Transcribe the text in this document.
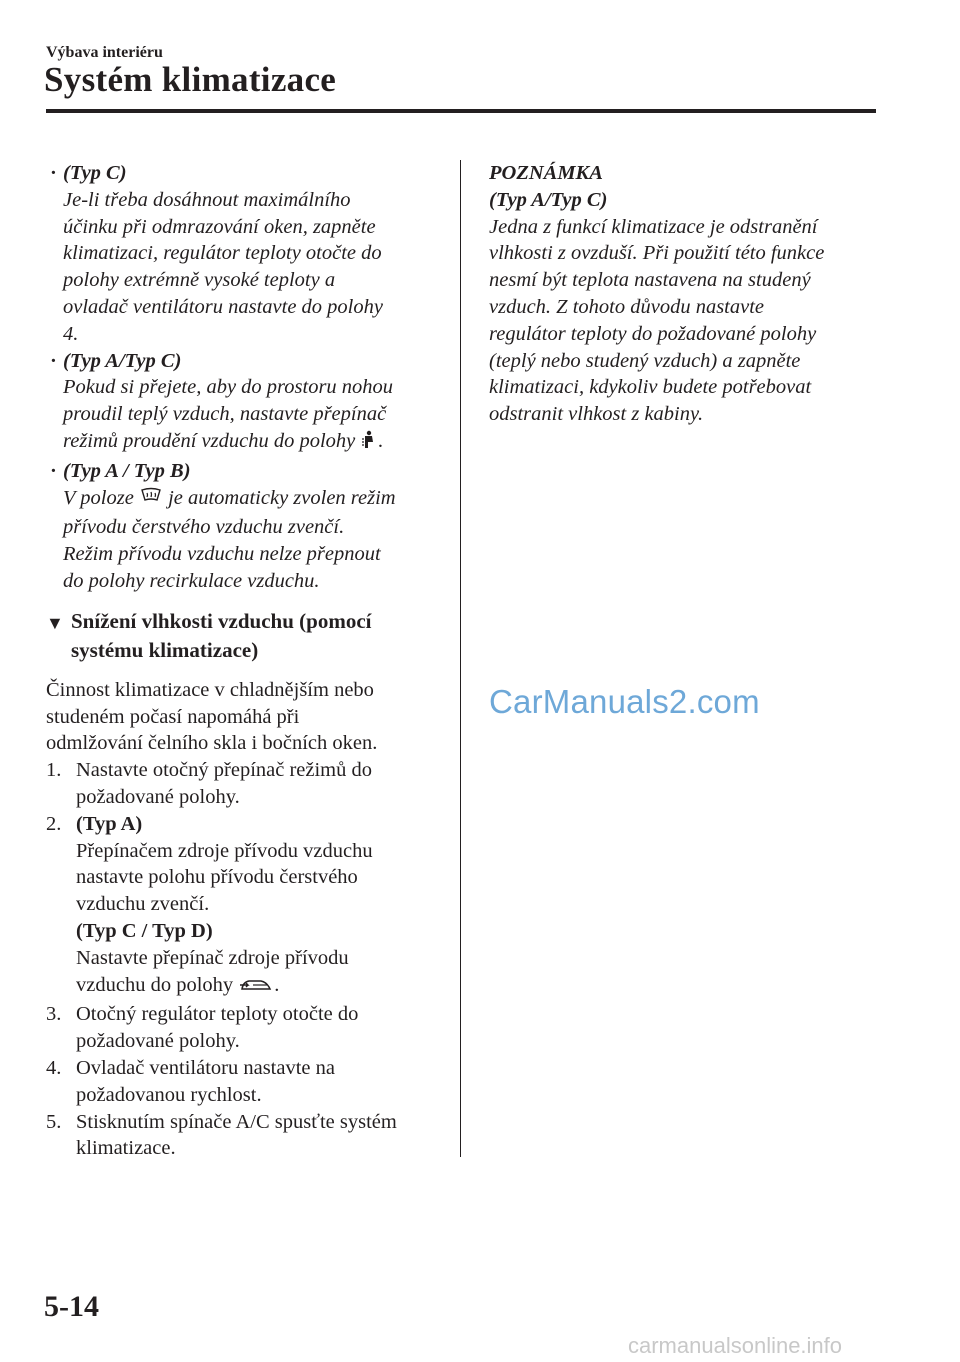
Výbava interiéru
Systém klimatizace
· (Typ C)
Je-li třeba dosáhnout maximálního
účinku při odmrazování oken, zapněte
klimatizaci, regulátor teploty otočte do
polohy extrémně vysoké teploty a
ovladač ventilátoru nastavte do polohy
4.
· (Typ A/Typ C)
Pokud si přejete, aby do prostoru nohou
proudil teplý vzduch, nastavte přepínač
režimů proudění vzduchu do polohy .
· (Typ A / Typ B)
V poloze je automaticky zvolen režim
přívodu čerstvého vzduchu zvenčí.
Režim přívodu vzduchu nelze přepnout
do polohy recirkulace vzduchu.
▼ Snížení vlhkosti vzduchu (pomocí
systému klimatizace)
Činnost klimatizace v chladnějším nebo
studeném počasí napomáhá při
odmlžování čelního skla i bočních oken.
1. Nastavte otočný přepínač režimů do
požadované polohy.
2. (Typ A)
Přepínačem zdroje přívodu vzduchu
nastavte polohu přívodu čerstvého
vzduchu zvenčí.
(Typ C / Typ D)
Nastavte přepínač zdroje přívodu
vzduchu do polohy .
3. Otočný regulátor teploty otočte do
požadované polohy.
4. Ovladač ventilátoru nastavte na
požadovanou rychlost.
5. Stisknutím spínače A/C spusťte systém
klimatizace.
POZNÁMKA
(Typ A/Typ C)
Jedna z funkcí klimatizace je odstranění
vlhkosti z ovzduší. Při použití této funkce
nesmí být teplota nastavena na studený
vzduch. Z tohoto důvodu nastavte
regulátor teploty do požadované polohy
(teplý nebo studený vzduch) a zapněte
klimatizaci, kdykoliv budete potřebovat
odstranit vlhkost z kabiny.
CarManuals2.com
5-14
carmanualsonline.info
